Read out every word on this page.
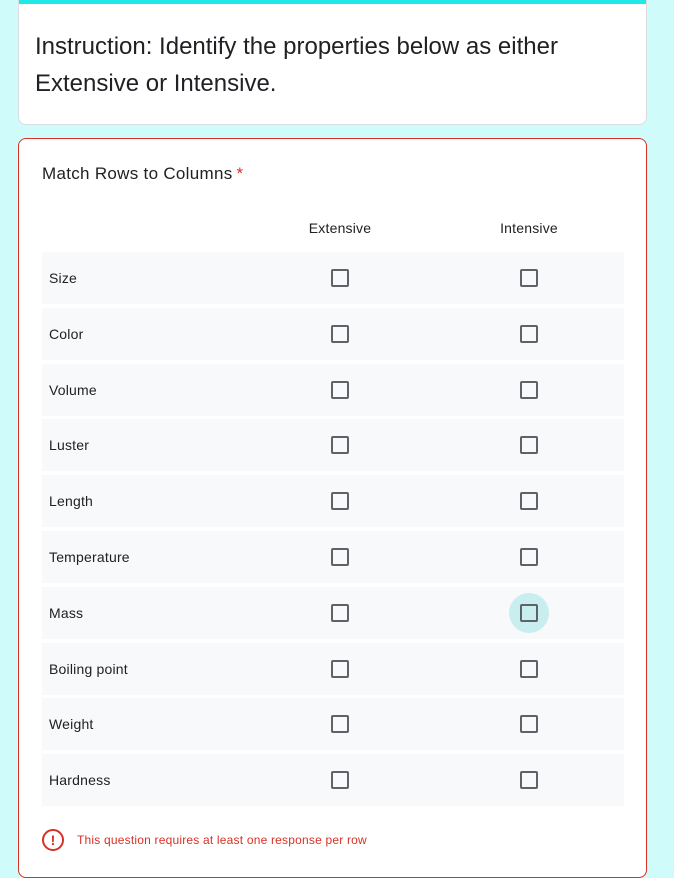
Instruction: Identify the properties below as either Extensive or Intensive.
Match Rows to Columns *
Extensive	Intensive
Size
Color
Volume
Luster
Length
Temperature
Mass
Boiling point
Weight
Hardness
!	This question requires at least one response per row
